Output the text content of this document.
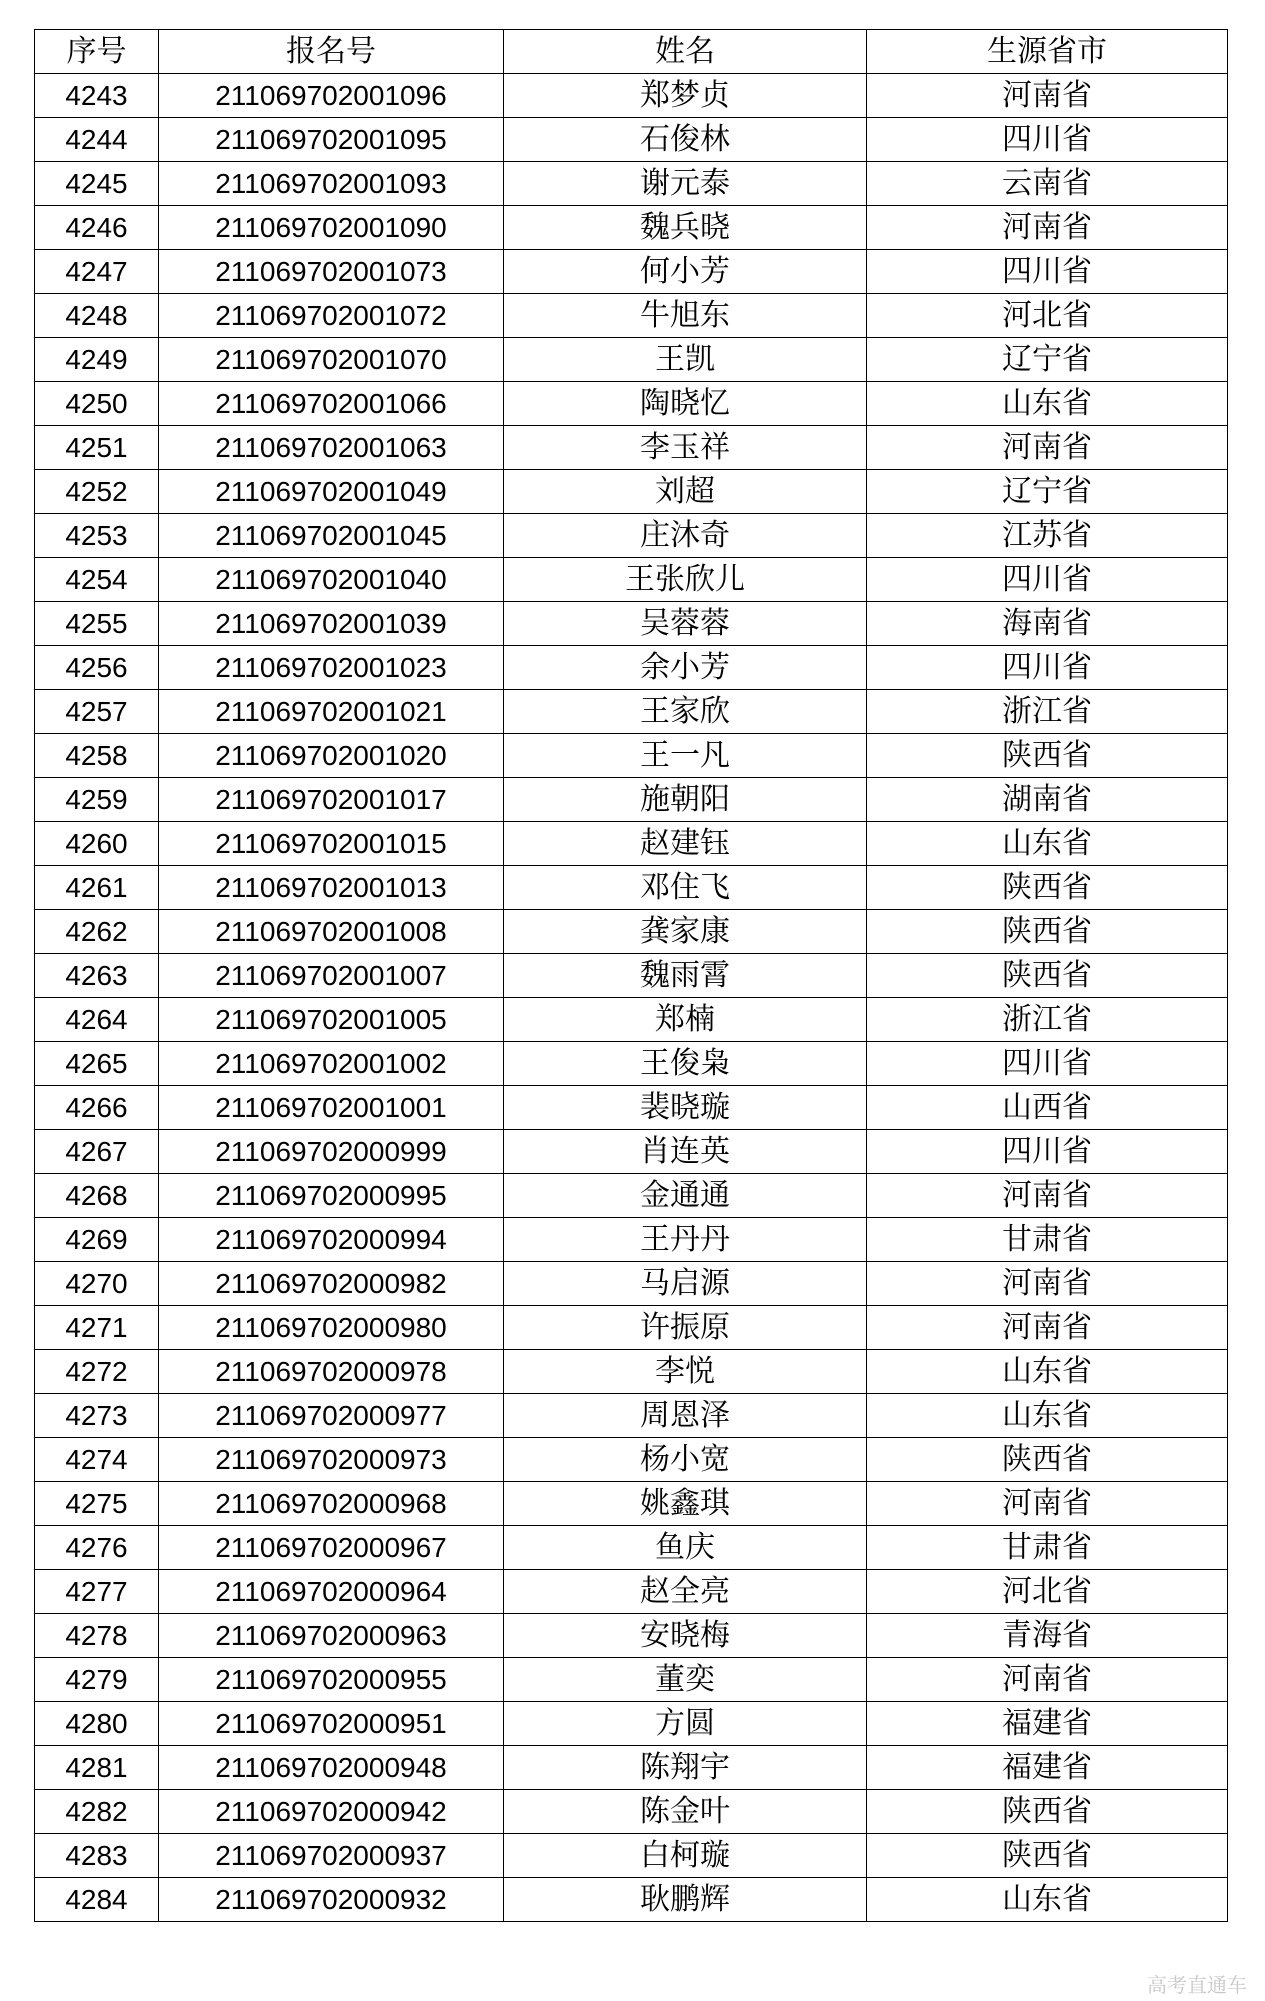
序号	报名号	姓名	生源省市
4243	211069702001096	郑梦贞	河南省
4244	211069702001095	石俊林	四川省
4245	211069702001093	谢元泰	云南省
4246	211069702001090	魏兵晓	河南省
4247	211069702001073	何小芳	四川省
4248	211069702001072	牛旭东	河北省
4249	211069702001070	王凯	辽宁省
4250	211069702001066	陶晓忆	山东省
4251	211069702001063	李玉祥	河南省
4252	211069702001049	刘超	辽宁省
4253	211069702001045	庄沐奇	江苏省
4254	211069702001040	王张欣儿	四川省
4255	211069702001039	吴蓉蓉	海南省
4256	211069702001023	余小芳	四川省
4257	211069702001021	王家欣	浙江省
4258	211069702001020	王一凡	陕西省
4259	211069702001017	施朝阳	湖南省
4260	211069702001015	赵建钰	山东省
4261	211069702001013	邓住飞	陕西省
4262	211069702001008	龚家康	陕西省
4263	211069702001007	魏雨霄	陕西省
4264	211069702001005	郑楠	浙江省
4265	211069702001002	王俊枭	四川省
4266	211069702001001	裴晓璇	山西省
4267	211069702000999	肖连英	四川省
4268	211069702000995	金通通	河南省
4269	211069702000994	王丹丹	甘肃省
4270	211069702000982	马启源	河南省
4271	211069702000980	许振原	河南省
4272	211069702000978	李悦	山东省
4273	211069702000977	周恩泽	山东省
4274	211069702000973	杨小宽	陕西省
4275	211069702000968	姚鑫琪	河南省
4276	211069702000967	鱼庆	甘肃省
4277	211069702000964	赵全亮	河北省
4278	211069702000963	安晓梅	青海省
4279	211069702000955	董奕	河南省
4280	211069702000951	方圆	福建省
4281	211069702000948	陈翔宇	福建省
4282	211069702000942	陈金叶	陕西省
4283	211069702000937	白柯璇	陕西省
4284	211069702000932	耿鹏辉	山东省
高考直通车
